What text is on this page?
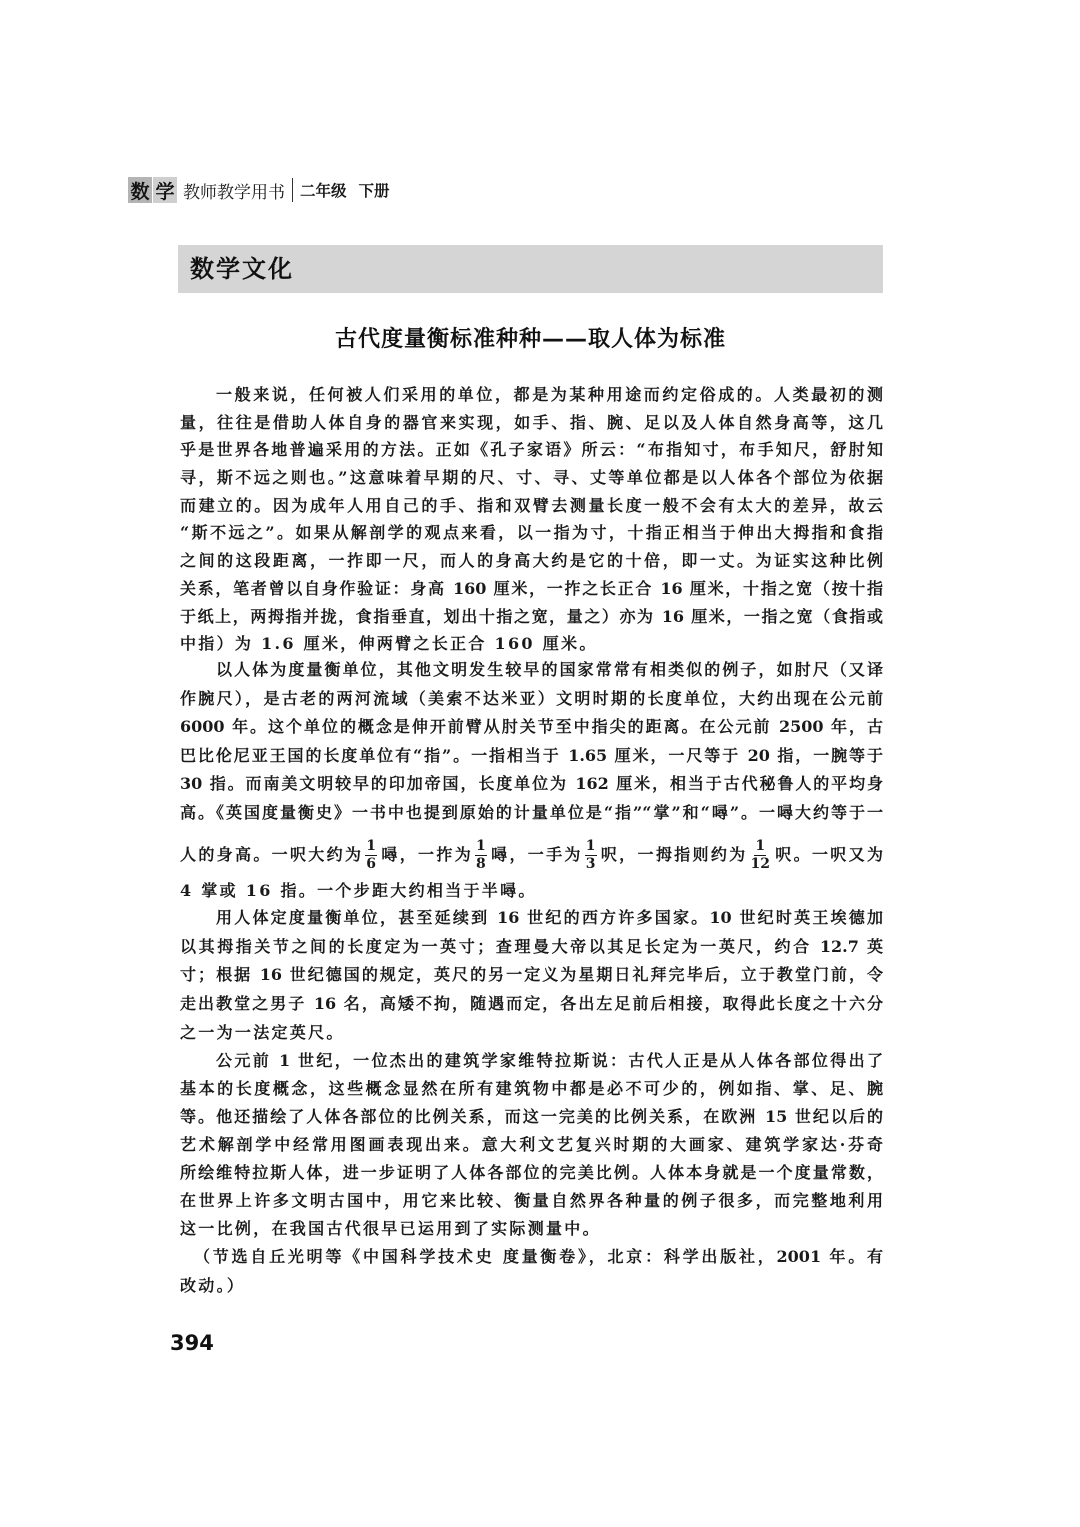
数 学 教师教学用书 二年级 下册
数学文化
古代度量衡标准种种——取人体为标准
一般来说，任何被人们采用的单位，都是为某种用途而约定俗成的。人类最初的测
量，往往是借助人体自身的器官来实现，如手、指、腕、足以及人体自然身高等，这几
乎是世界各地普遍采用的方法。正如《孔子家语》所云：“布指知寸，布手知尺，舒肘知
寻，斯不远之则也。”这意味着早期的尺、寸、寻、丈等单位都是以人体各个部位为依据
而建立的。因为成年人用自己的手、指和双臂去测量长度一般不会有太大的差异，故云
“斯不远之”。如果从解剖学的观点来看，以一指为寸，十指正相当于伸出大拇指和食指
之间的这段距离，一拃即一尺，而人的身高大约是它的十倍，即一丈。为证实这种比例
关系，笔者曾以自身作验证：身高 160 厘米，一拃之长正合 16 厘米，十指之宽（按十指
于纸上，两拇指并拢，食指垂直，划出十指之宽，量之）亦为 16 厘米，一指之宽（食指或
中指）为 1.6 厘米，伸两臂之长正合 160 厘米。
以人体为度量衡单位，其他文明发生较早的国家常常有相类似的例子，如肘尺（又译
作腕尺），是古老的两河流域（美索不达米亚）文明时期的长度单位，大约出现在公元前
6000 年。这个单位的概念是伸开前臂从肘关节至中指尖的距离。在公元前 2500 年，古
巴比伦尼亚王国的长度单位有“指”。一指相当于 1.65 厘米，一尺等于 20 指，一腕等于
30 指。而南美文明较早的印加帝国，长度单位为 162 厘米，相当于古代秘鲁人的平均身
高。《英国度量衡史》一书中也提到原始的计量单位是“指”“掌”和“噚”。一噚大约等于一
人的身高。一呎大约为 $\frac{1}{6}$ 噚，一拃为 $\frac{1}{8}$ 噚，一手为 $\frac{1}{3}$ 呎，一拇指则约为 $\frac{1}{12}$ 呎。一呎又为
4 掌或 16 指。一个步距大约相当于半噚。
用人体定度量衡单位，甚至延续到 16 世纪的西方许多国家。10 世纪时英王埃德加
以其拇指关节之间的长度定为一英寸；查理曼大帝以其足长定为一英尺，约合 12.7 英
寸；根据 16 世纪德国的规定，英尺的另一定义为星期日礼拜完毕后，立于教堂门前，令
走出教堂之男子 16 名，高矮不拘，随遇而定，各出左足前后相接，取得此长度之十六分
之一为一法定英尺。
公元前 1 世纪，一位杰出的建筑学家维特拉斯说：古代人正是从人体各部位得出了
基本的长度概念，这些概念显然在所有建筑物中都是必不可少的，例如指、掌、足、腕
等。他还描绘了人体各部位的比例关系，而这一完美的比例关系，在欧洲 15 世纪以后的
艺术解剖学中经常用图画表现出来。意大利文艺复兴时期的大画家、建筑学家达·芬奇
所绘维特拉斯人体，进一步证明了人体各部位的完美比例。人体本身就是一个度量常数，
在世界上许多文明古国中，用它来比较、衡量自然界各种量的例子很多，而完整地利用
这一比例，在我国古代很早已运用到了实际测量中。
（节选自丘光明等《中国科学技术史 度量衡卷》，北京：科学出版社，2001 年。有
改动。）
394
